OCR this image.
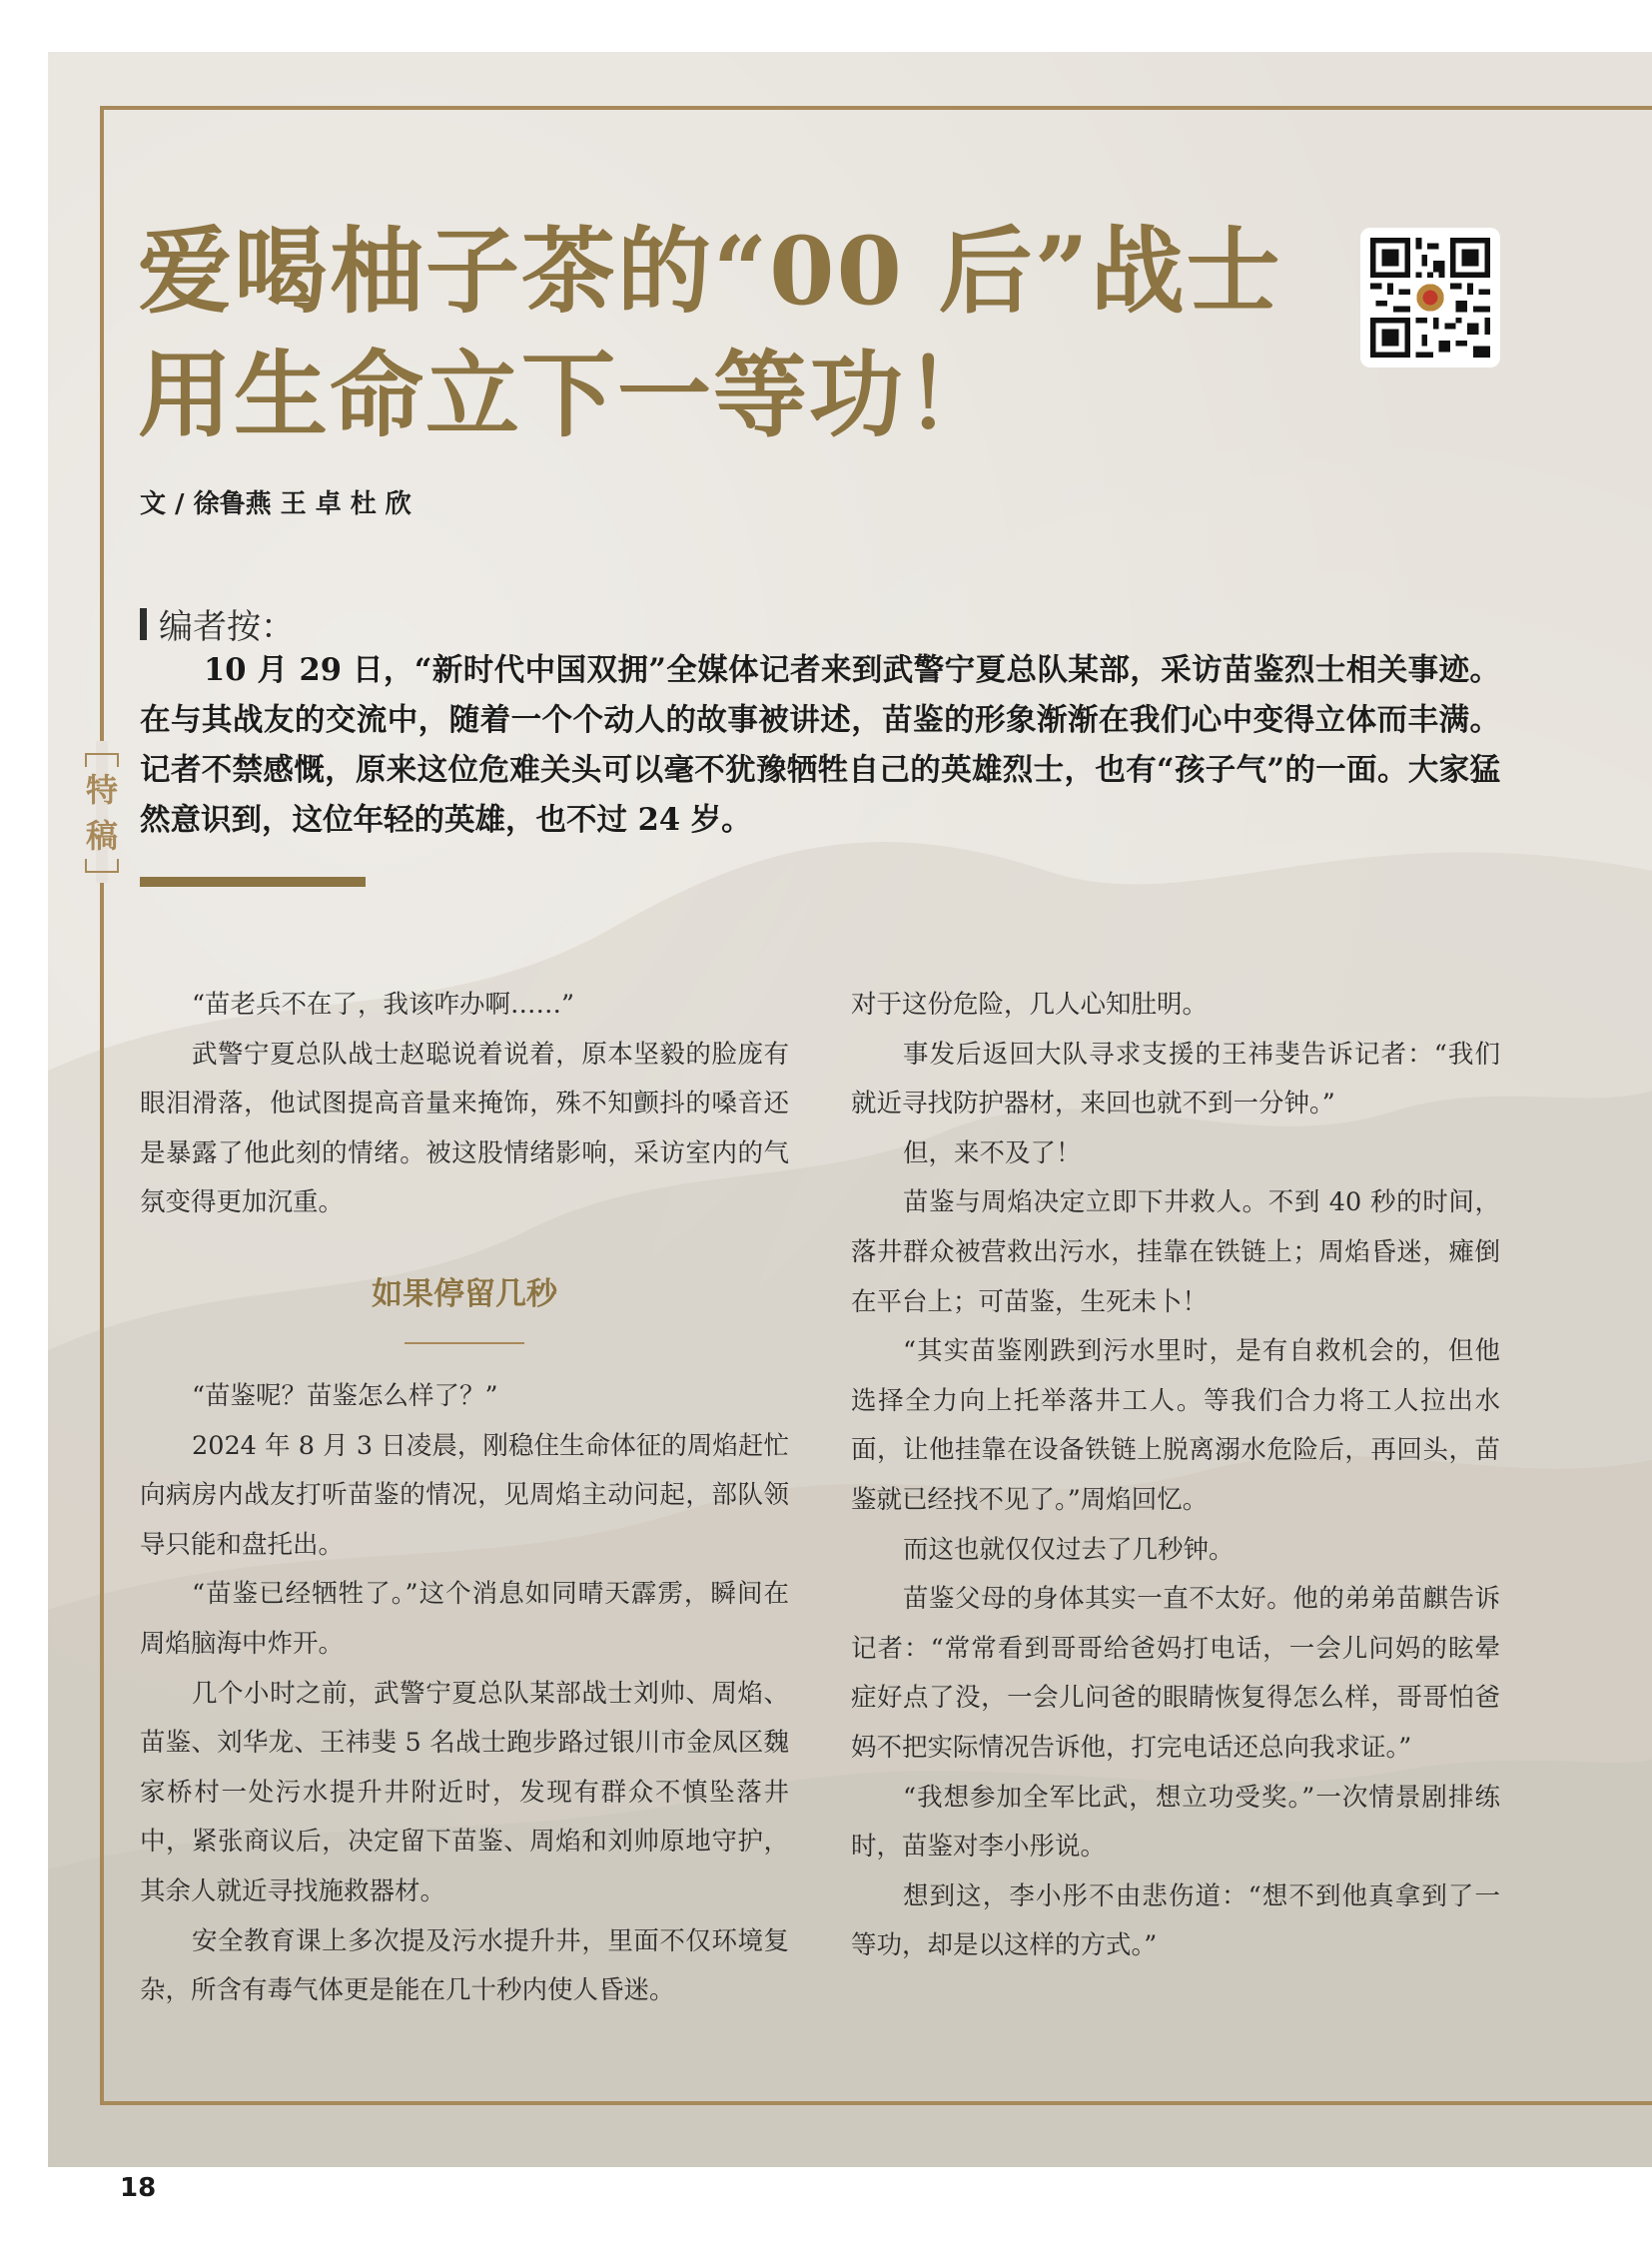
爱喝柚子茶的“00 后”战士
用生命立下一等功！
文 / 徐鲁燕 王 卓 杜 欣
编者按：

10 月 29 日，“新时代中国双拥”全媒体记者来到武警宁夏总队某部，采访苗鉴烈士相关事迹。在与其战友的交流中，随着一个个动人的故事被讲述，苗鉴的形象渐渐在我们心中变得立体而丰满。记者不禁感慨，原来这位危难关头可以毫不犹豫牺牲自己的英雄烈士，也有“孩子气”的一面。大家猛然意识到，这位年轻的英雄，也不过 24 岁。

特
稿

“苗老兵不在了，我该咋办啊……”

武警宁夏总队战士赵聪说着说着，原本坚毅的脸庞有眼泪滑落，他试图提高音量来掩饰，殊不知颤抖的嗓音还是暴露了他此刻的情绪。被这股情绪影响，采访室内的气氛变得更加沉重。

如果停留几秒

“苗鉴呢？苗鉴怎么样了？”

2024 年 8 月 3 日凌晨，刚稳住生命体征的周焰赶忙向病房内战友打听苗鉴的情况，见周焰主动问起，部队领导只能和盘托出。

“苗鉴已经牺牲了。”这个消息如同晴天霹雳，瞬间在周焰脑海中炸开。

几个小时之前，武警宁夏总队某部战士刘帅、周焰、苗鉴、刘华龙、王祎斐 5 名战士跑步路过银川市金凤区魏家桥村一处污水提升井附近时，发现有群众不慎坠落井中，紧张商议后，决定留下苗鉴、周焰和刘帅原地守护，其余人就近寻找施救器材。

安全教育课上多次提及污水提升井，里面不仅环境复杂，所含有毒气体更是能在几十秒内使人昏迷。

对于这份危险，几人心知肚明。

事发后返回大队寻求支援的王祎斐告诉记者：“我们就近寻找防护器材，来回也就不到一分钟。”

但，来不及了！

苗鉴与周焰决定立即下井救人。不到 40 秒的时间，落井群众被营救出污水，挂靠在铁链上；周焰昏迷，瘫倒在平台上；可苗鉴，生死未卜！

“其实苗鉴刚跌到污水里时，是有自救机会的，但他选择全力向上托举落井工人。等我们合力将工人拉出水面，让他挂靠在设备铁链上脱离溺水危险后，再回头，苗鉴就已经找不见了。”周焰回忆。

而这也就仅仅过去了几秒钟。

苗鉴父母的身体其实一直不太好。他的弟弟苗麒告诉记者：“常常看到哥哥给爸妈打电话，一会儿问妈的眩晕症好点了没，一会儿问爸的眼睛恢复得怎么样，哥哥怕爸妈不把实际情况告诉他，打完电话还总向我求证。”

“我想参加全军比武，想立功受奖。”一次情景剧排练时，苗鉴对李小彤说。

想到这，李小彤不由悲伤道：“想不到他真拿到了一等功，却是以这样的方式。”

18
